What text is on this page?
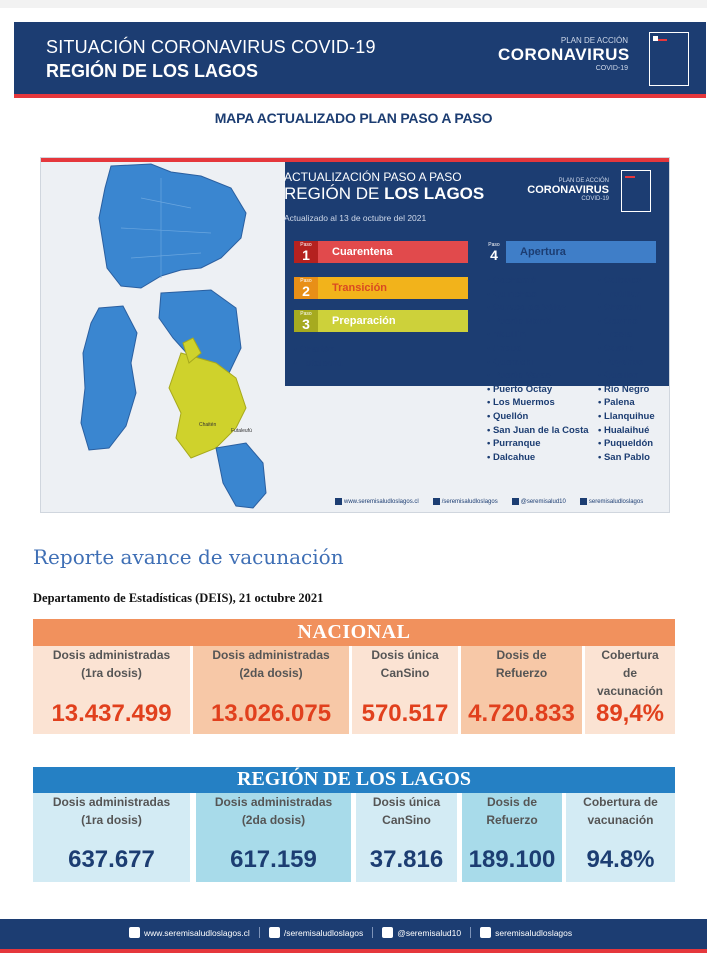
SITUACIÓN CORONAVIRUS COVID-19
REGIÓN DE LOS LAGOS
PLAN DE ACCIÓN
CORONAVIRUS
COVID-19
MAPA ACTUALIZADO PLAN PASO A PASO
Chaitén
Futaleufú
ACTUALIZACIÓN PASO A PASO
REGIÓN DE LOS LAGOS
Actualizado al 13 de octubre del 2021
PLAN DE ACCIÓN
CORONAVIRUS
COVID-19
Paso
1	Cuarentena
Paso
2	Transición
Paso
3	Preparación
Paso
4	Apertura
• Chaitén
• Futaleufú
• Cochamó
• Quinchao
• Curaco de Vélez
• Puerto Montt
• Maullín
• Ancud
• Quemchi
• Puerto Varas
• Puerto Octay
• Los Muermos
• Quellón
• San Juan de la Costa
• Purranque
• Dalcahue
• Calbuco
• Frutillar
• Chonchi
• Osorno
• Fresia
• Castro
• Puyehue
• Queilen
• Río Negro
• Palena
• Llanquihue
• Hualaihué
• Puqueldón
• San Pablo
www.seremisaludloslagos.cl	/seremisaludloslagos	@seremisalud10	seremisaludloslagos
Reporte avance de vacunación
Departamento de Estadísticas (DEIS), 21 octubre 2021
NACIONAL
Dosis administradas
(1ra dosis)
13.437.499
Dosis administradas
(2da dosis)
13.026.075
Dosis única
CanSino
570.517
Dosis de
Refuerzo
4.720.833
Cobertura
de
vacunación
89,4%
REGIÓN DE LOS LAGOS
Dosis administradas
(1ra dosis)
637.677
Dosis administradas
(2da dosis)
617.159
Dosis única
CanSino
37.816
Dosis de
Refuerzo
189.100
Cobertura de
vacunación
94.8%
www.seremisaludloslagos.cl	/seremisaludloslagos	@seremisalud10	seremisaludloslagos
